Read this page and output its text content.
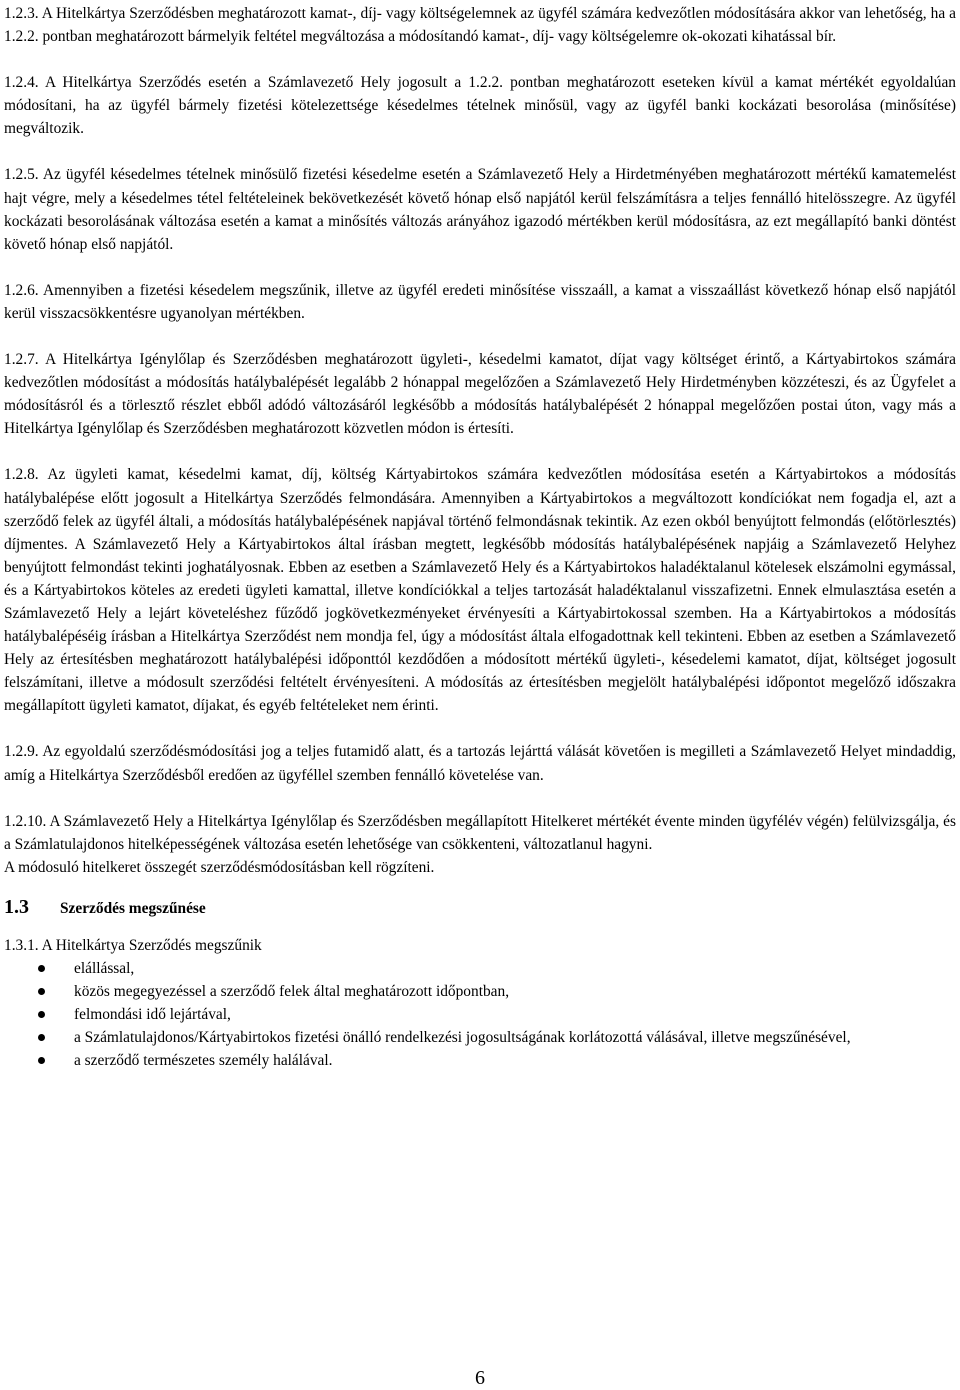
1.2.3. A Hitelkártya Szerződésben meghatározott kamat-, díj- vagy költségelemnek az ügyfél számára kedvezőtlen módosítására akkor van lehetőség, ha a 1.2.2. pontban meghatározott bármelyik feltétel megváltozása a módosítandó kamat-, díj- vagy költségelemre ok-okozati kihatással bír.

1.2.4. A Hitelkártya Szerződés esetén a Számlavezető Hely jogosult a 1.2.2. pontban meghatározott eseteken kívül a kamat mértékét egyoldalúan módosítani, ha az ügyfél bármely fizetési kötelezettsége késedelmes tételnek minősül, vagy az ügyfél banki kockázati besorolása (minősítése) megváltozik.

1.2.5. Az ügyfél késedelmes tételnek minősülő fizetési késedelme esetén a Számlavezető Hely a Hirdetményében meghatározott mértékű kamatemelést hajt végre, mely a késedelmes tétel feltételeinek bekövetkezését követő hónap első napjától kerül felszámításra a teljes fennálló hitelösszegre. Az ügyfél kockázati besorolásának változása esetén a kamat a minősítés változás arányához igazodó mértékben kerül módosításra, az ezt megállapító banki döntést követő hónap első napjától.

1.2.6. Amennyiben a fizetési késedelem megszűnik, illetve az ügyfél eredeti minősítése visszaáll, a kamat a visszaállást következő hónap első napjától kerül visszacsökkentésre ugyanolyan mértékben.

1.2.7. A Hitelkártya Igénylőlap és Szerződésben meghatározott ügyleti-, késedelmi kamatot, díjat vagy költséget érintő, a Kártyabirtokos számára kedvezőtlen módosítást a módosítás hatálybalépését legalább 2 hónappal megelőzően a Számlavezető Hely Hirdetményben közzéteszi, és az Ügyfelet a módosításról és a törlesztő részlet ebből adódó változásáról legkésőbb a módosítás hatálybalépését 2 hónappal megelőzően postai úton, vagy más a Hitelkártya Igénylőlap és Szerződésben meghatározott közvetlen módon is értesíti.

1.2.8. Az ügyleti kamat, késedelmi kamat, díj, költség Kártyabirtokos számára kedvezőtlen módosítása esetén a Kártyabirtokos a módosítás hatálybalépése előtt jogosult a Hitelkártya Szerződés felmondására. Amennyiben a Kártyabirtokos a megváltozott kondíciókat nem fogadja el, azt a szerződő felek az ügyfél általi, a módosítás hatálybalépésének napjával történő felmondásnak tekintik. Az ezen okból benyújtott felmondás (előtörlesztés) díjmentes. A Számlavezető Hely a Kártyabirtokos által írásban megtett, legkésőbb módosítás hatálybalépésének napjáig a Számlavezető Helyhez benyújtott felmondást tekinti joghatályosnak. Ebben az esetben a Számlavezető Hely és a Kártyabirtokos haladéktalanul kötelesek elszámolni egymással, és a Kártyabirtokos köteles az eredeti ügyleti kamattal, illetve kondíciókkal a teljes tartozását haladéktalanul visszafizetni. Ennek elmulasztása esetén a Számlavezető Hely a lejárt követeléshez fűződő jogkövetkezményeket érvényesíti a Kártyabirtokossal szemben. Ha a Kártyabirtokos a módosítás hatálybalépéséig írásban a Hitelkártya Szerződést nem mondja fel, úgy a módosítást általa elfogadottnak kell tekinteni. Ebben az esetben a Számlavezető Hely az értesítésben meghatározott hatálybalépési időponttól kezdődően a módosított mértékű ügyleti-, késedelemi kamatot, díjat, költséget jogosult felszámítani, illetve a módosult szerződési feltételt érvényesíteni. A módosítás az értesítésben megjelölt hatálybalépési időpontot megelőző időszakra megállapított ügyleti kamatot, díjakat, és egyéb feltételeket nem érinti.

1.2.9. Az egyoldalú szerződésmódosítási jog a teljes futamidő alatt, és a tartozás lejárttá válását követően is megilleti a Számlavezető Helyet mindaddig, amíg a Hitelkártya Szerződésből eredően az ügyféllel szemben fennálló követelése van.

1.2.10. A Számlavezető Hely a Hitelkártya Igénylőlap és Szerződésben megállapított Hitelkeret mértékét évente minden ügyfélév végén) felülvizsgálja, és a Számlatulajdonos hitelképességének változása esetén lehetősége van csökkenteni, változatlanul hagyni.

A módosuló hitelkeret összegét szerződésmódosításban kell rögzíteni.

1.3	Szerződés megszűnése

1.3.1. A Hitelkártya Szerződés megszűnik

elállással,
közös megegyezéssel a szerződő felek által meghatározott időpontban,
felmondási idő lejártával,
a Számlatulajdonos/Kártyabirtokos fizetési önálló rendelkezési jogosultságának korlátozottá válásával, illetve megszűnésével,
a szerződő természetes személy halálával.
6
